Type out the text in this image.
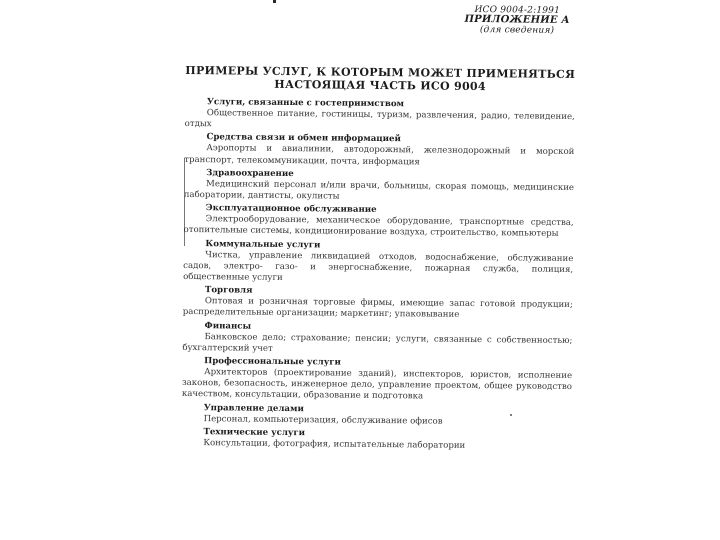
ИСО 9004-2:1991
ПРИЛОЖЕНИЕ А
(для сведения)
ПРИМЕРЫ УСЛУГ, К КОТОРЫМ МОЖЕТ ПРИМЕНЯТЬСЯ
НАСТОЯЩАЯ ЧАСТЬ ИСО 9004
Услуги, связанные с гостеприимством
Общественное питание, гостиницы, туризм, развлечения, радио, телевидение, отдых
Средства связи и обмен информацией
Аэропорты и авиалинии, автодорожный, железнодорожный и морской транспорт, телекоммуникации, почта, информация
Здравоохранение
Медицинский персонал и/или врачи, больницы, скорая помощь, медицинские лаборатории, дантисты, окулисты
Эксплуатационное обслуживание
Электрооборудование, механическое оборудование, транспортные средства, отопительные системы, кондиционирование воздуха, строительство, компьютеры
Коммунальные услуги
Чистка, управление ликвидацией отходов, водоснабжение, обслуживание садов, электро- газо- и энергоснабжение, пожарная служба, полиция, общественные услуги
Торговля
Оптовая и розничная торговые фирмы, имеющие запас готовой продукции; распределительные организации; маркетинг; упаковывание
Финансы
Банковское дело; страхование; пенсии; услуги, связанные с собственностью; бухгалтерский учет
Профессиональные услуги
Архитекторов (проектирование зданий), инспекторов, юристов, исполнение законов, безопасность, инженерное дело, управление проектом, общее руководство качеством, консультации, образование и подготовка
Управление делами
Персонал, компьютеризация, обслуживание офисов
Технические услуги
Консультации, фотография, испытательные лаборатории
